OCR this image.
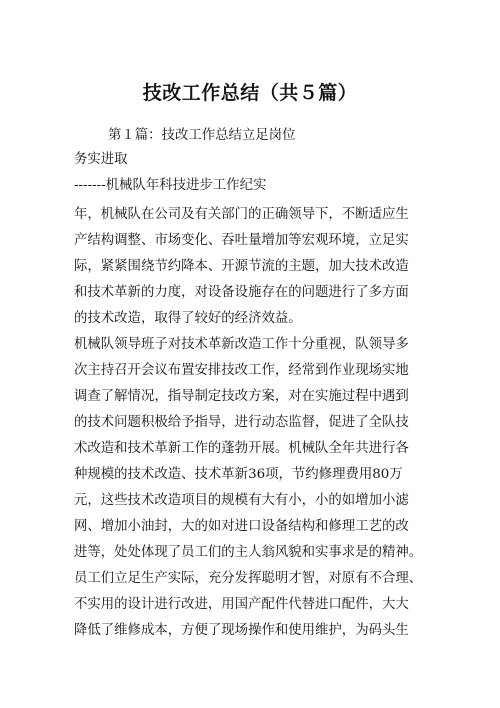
技改工作总结（共５篇）
第１篇：技改工作总结立足岗位
务实进取
-------机械队年科技进步工作纪实
年，机械队在公司及有关部门的正确领导下，不断适应生
产结构调整、市场变化、吞吐量增加等宏观环境，立足实
际，紧紧围绕节约降本、开源节流的主题，加大技术改造
和技术革新的力度，对设备设施存在的问题进行了多方面
的技术改造，取得了较好的经济效益。
机械队领导班子对技术革新改造工作十分重视，队领导多
次主持召开会议布置安排技改工作，经常到作业现场实地
调查了解情况，指导制定技改方案，对在实施过程中遇到
的技术问题积极给予指导，进行动态监督，促进了全队技
术改造和技术革新工作的蓬勃开展。机械队全年共进行各
种规模的技术改造、技术革新36项，节约修理费用80万
元，这些技术改造项目的规模有大有小，小的如增加小滤
网、增加小油封，大的如对进口设备结构和修理工艺的改
进等，处处体现了员工们的主人翁风貌和实事求是的精神。
员工们立足生产实际，充分发挥聪明才智，对原有不合理、
不实用的设计进行改进，用国产配件代替进口配件，大大
降低了维修成本，方便了现场操作和使用维护，为码头生
